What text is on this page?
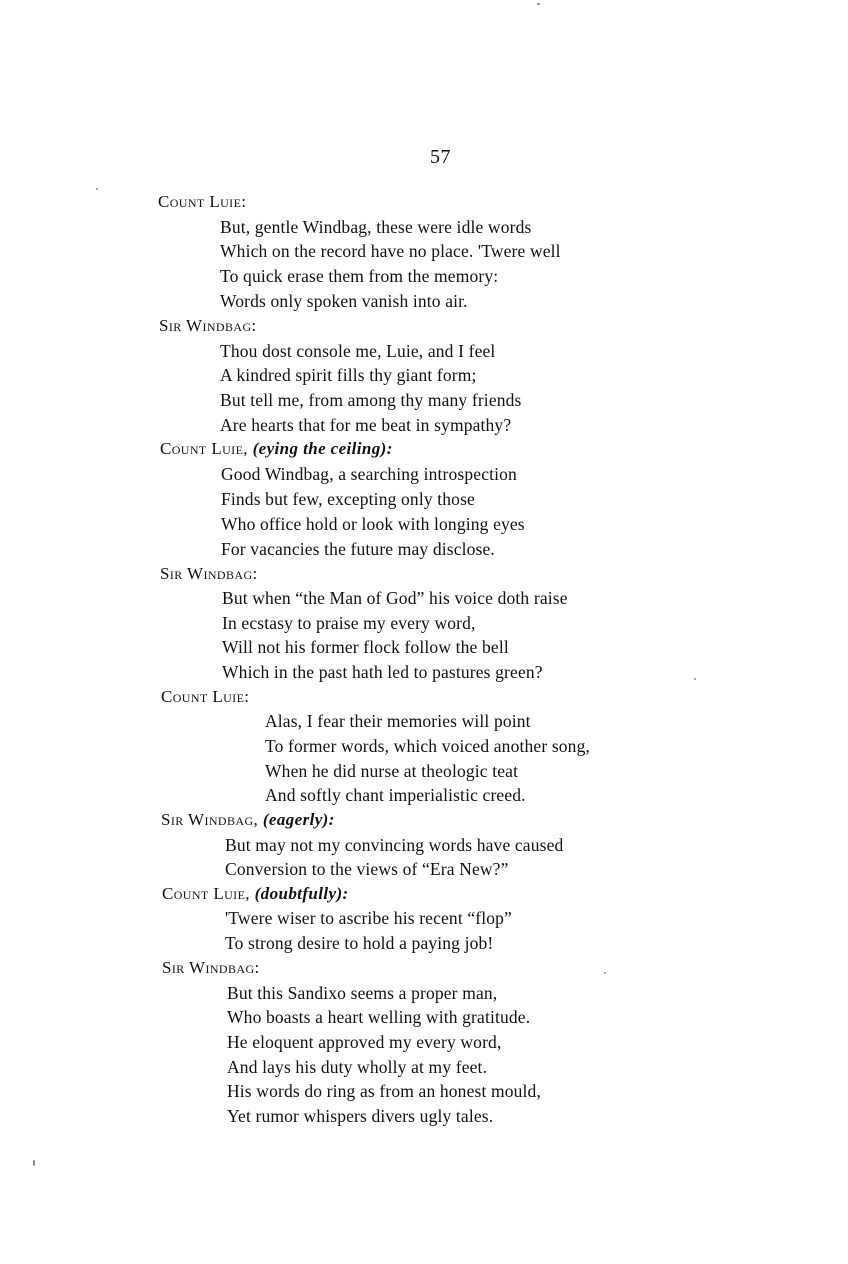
57
Count Luie:
But, gentle Windbag, these were idle words
Which on the record have no place. 'Twere well
To quick erase them from the memory:
Words only spoken vanish into air.
Sir Windbag:
Thou dost console me, Luie, and I feel
A kindred spirit fills thy giant form;
But tell me, from among thy many friends
Are hearts that for me beat in sympathy?
Count Luie, (eying the ceiling):
Good Windbag, a searching introspection
Finds but few, excepting only those
Who office hold or look with longing eyes
For vacancies the future may disclose.
Sir Windbag:
But when “the Man of God” his voice doth raise
In ecstasy to praise my every word,
Will not his former flock follow the bell
Which in the past hath led to pastures green?
Count Luie:
Alas, I fear their memories will point
To former words, which voiced another song,
When he did nurse at theologic teat
And softly chant imperialistic creed.
Sir Windbag, (eagerly):
But may not my convincing words have caused
Conversion to the views of “Era New?”
Count Luie, (doubtfully):
'Twere wiser to ascribe his recent “flop”
To strong desire to hold a paying job!
Sir Windbag:
But this Sandixo seems a proper man,
Who boasts a heart welling with gratitude.
He eloquent approved my every word,
And lays his duty wholly at my feet.
His words do ring as from an honest mould,
Yet rumor whispers divers ugly tales.
